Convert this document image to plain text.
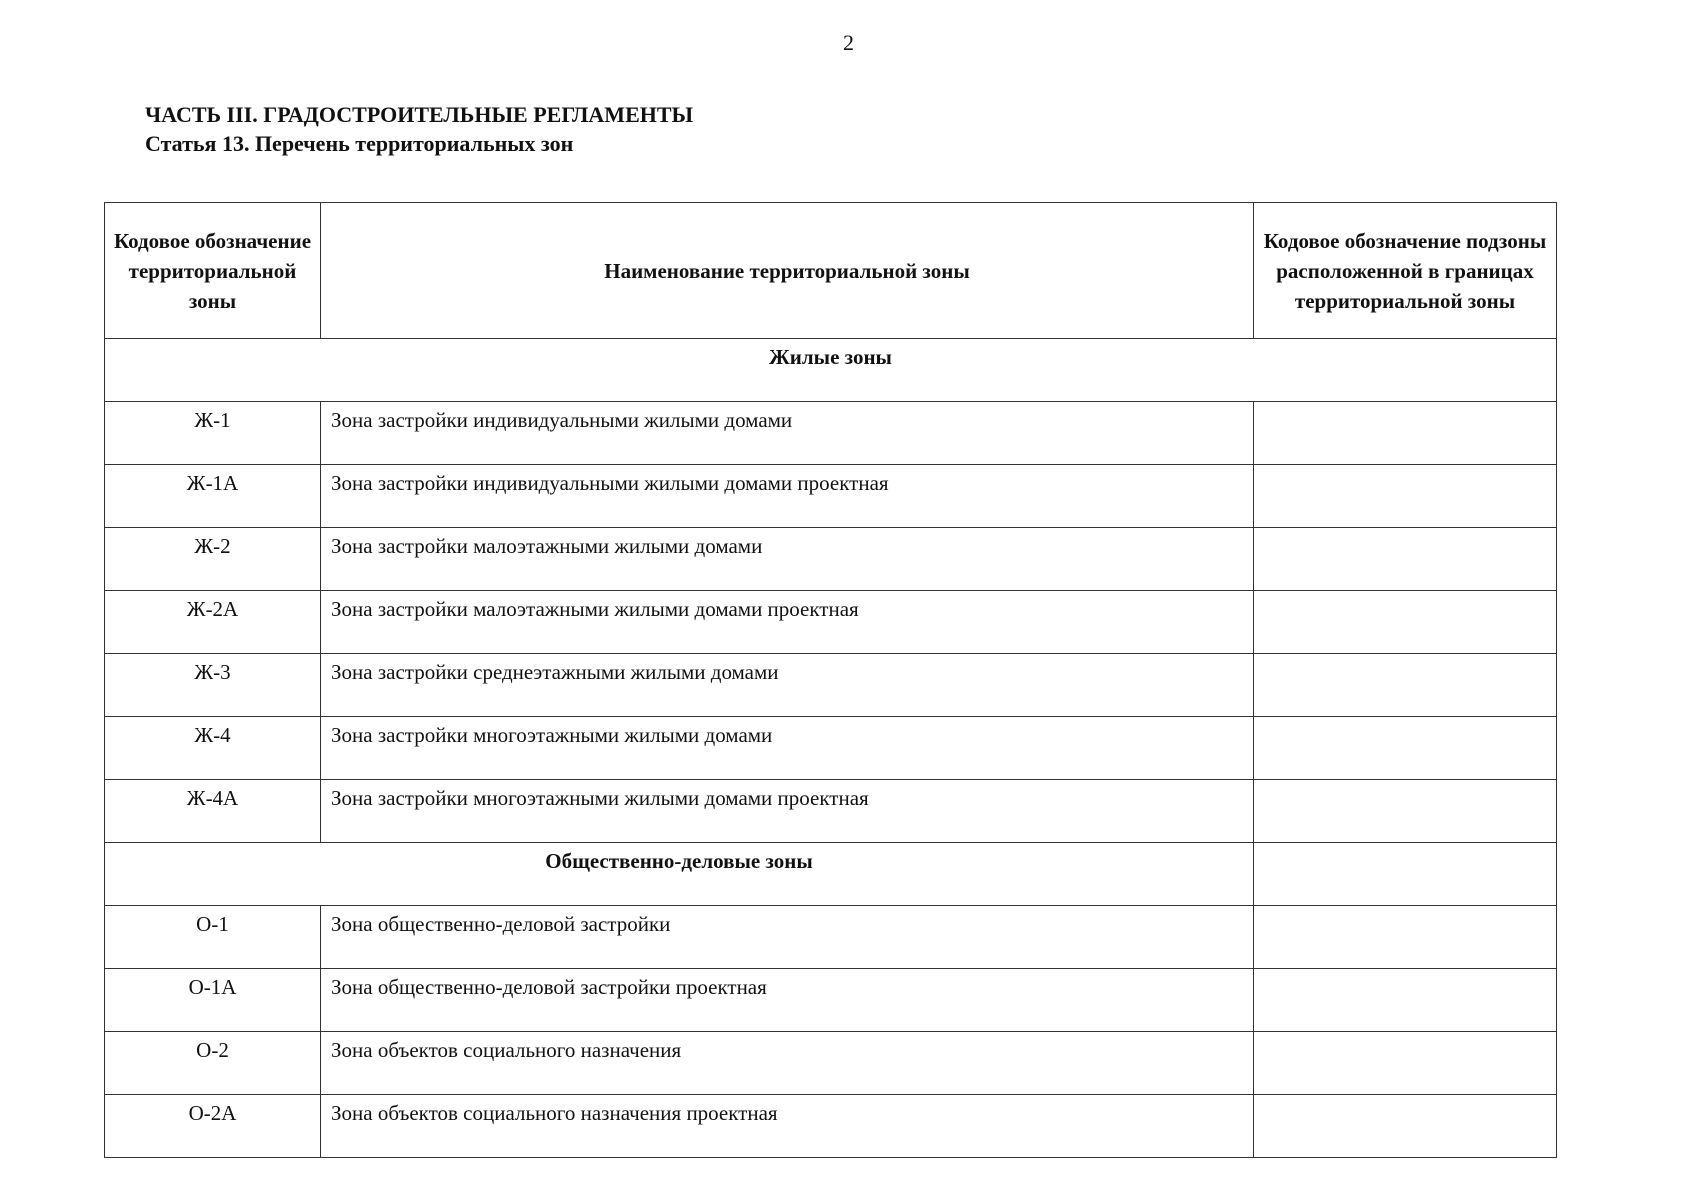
2
ЧАСТЬ III. ГРАДОСТРОИТЕЛЬНЫЕ РЕГЛАМЕНТЫ
Статья 13. Перечень территориальных зон
Кодовое обозначение территориальной зоны	Наименование территориальной зоны	Кодовое обозначение подзоны расположенной в границах территориальной зоны
Жилые зоны		
Ж-1	Зона застройки индивидуальными жилыми домами	
Ж-1А	Зона застройки индивидуальными жилыми домами проектная	
Ж-2	Зона застройки малоэтажными жилыми домами	
Ж-2А	Зона застройки малоэтажными жилыми домами проектная	
Ж-3	Зона застройки среднеэтажными жилыми домами	
Ж-4	Зона застройки многоэтажными жилыми домами	
Ж-4А	Зона застройки многоэтажными жилыми домами проектная	
Общественно-деловые зоны		
О-1	Зона общественно-деловой застройки	
О-1А	Зона общественно-деловой застройки проектная	
О-2	Зона объектов социального назначения	
О-2А	Зона объектов социального назначения проектная	
